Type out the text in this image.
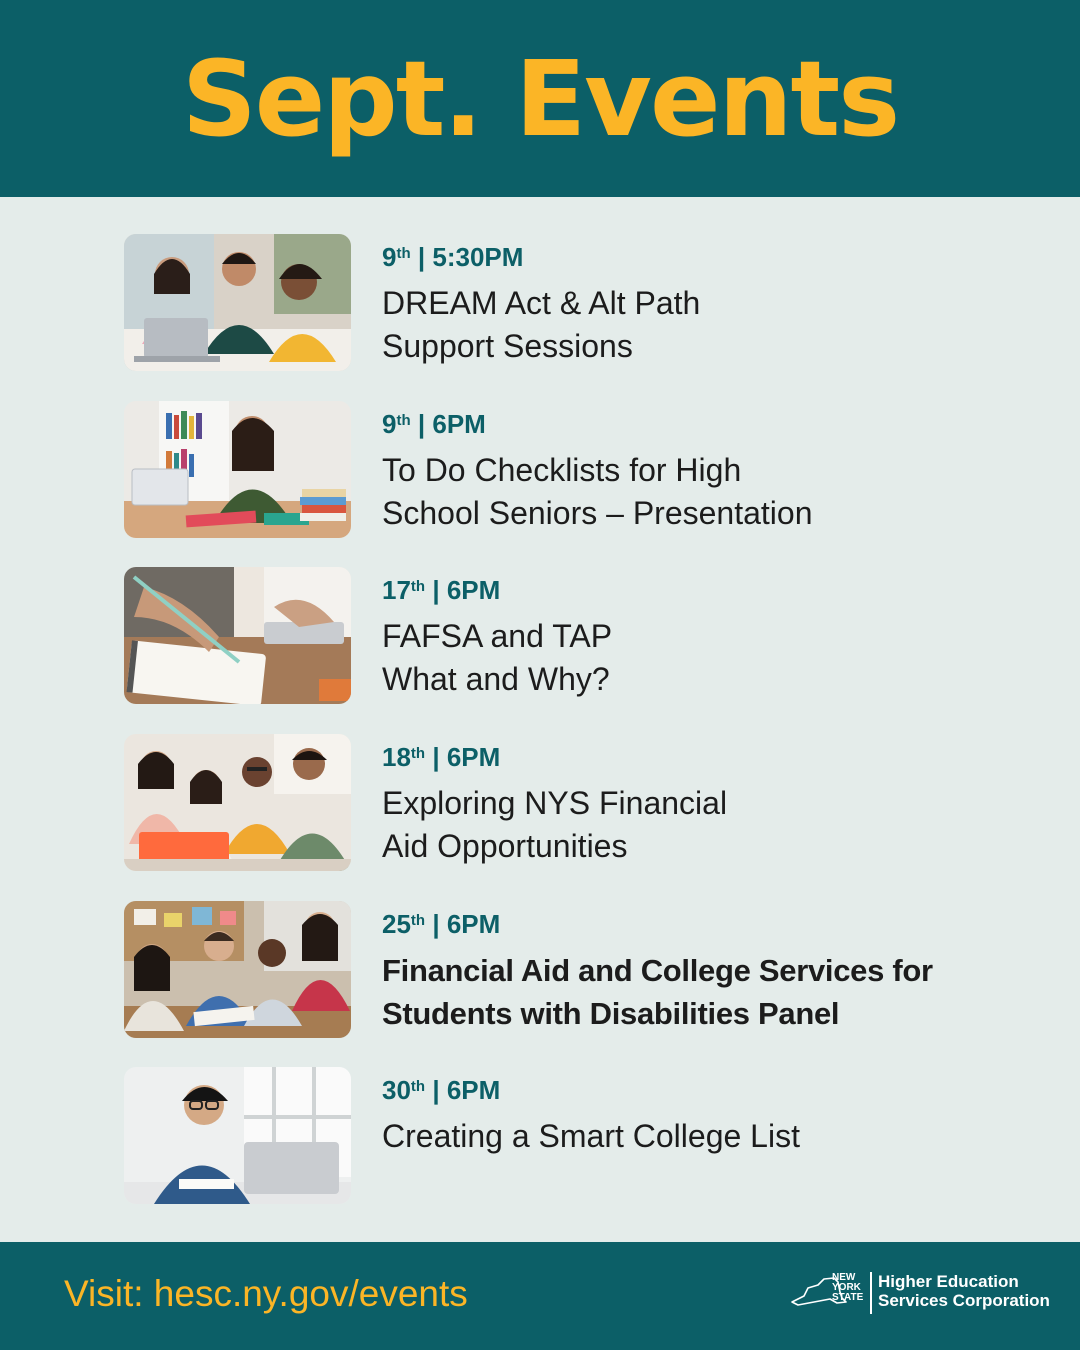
Sept. Events
9th | 5:30PM
DREAM Act & Alt Path
Support Sessions
9th | 6PM
To Do Checklists for High
School Seniors – Presentation
17th | 6PM
FAFSA and TAP
What and Why?
18th | 6PM
Exploring NYS Financial
Aid Opportunities
25th | 6PM
Financial Aid and College Services for
Students with Disabilities Panel
30th | 6PM
Creating a Smart College List
Visit: hesc.ny.gov/events	NEW
YORK
STATE
Higher Education
Services Corporation
